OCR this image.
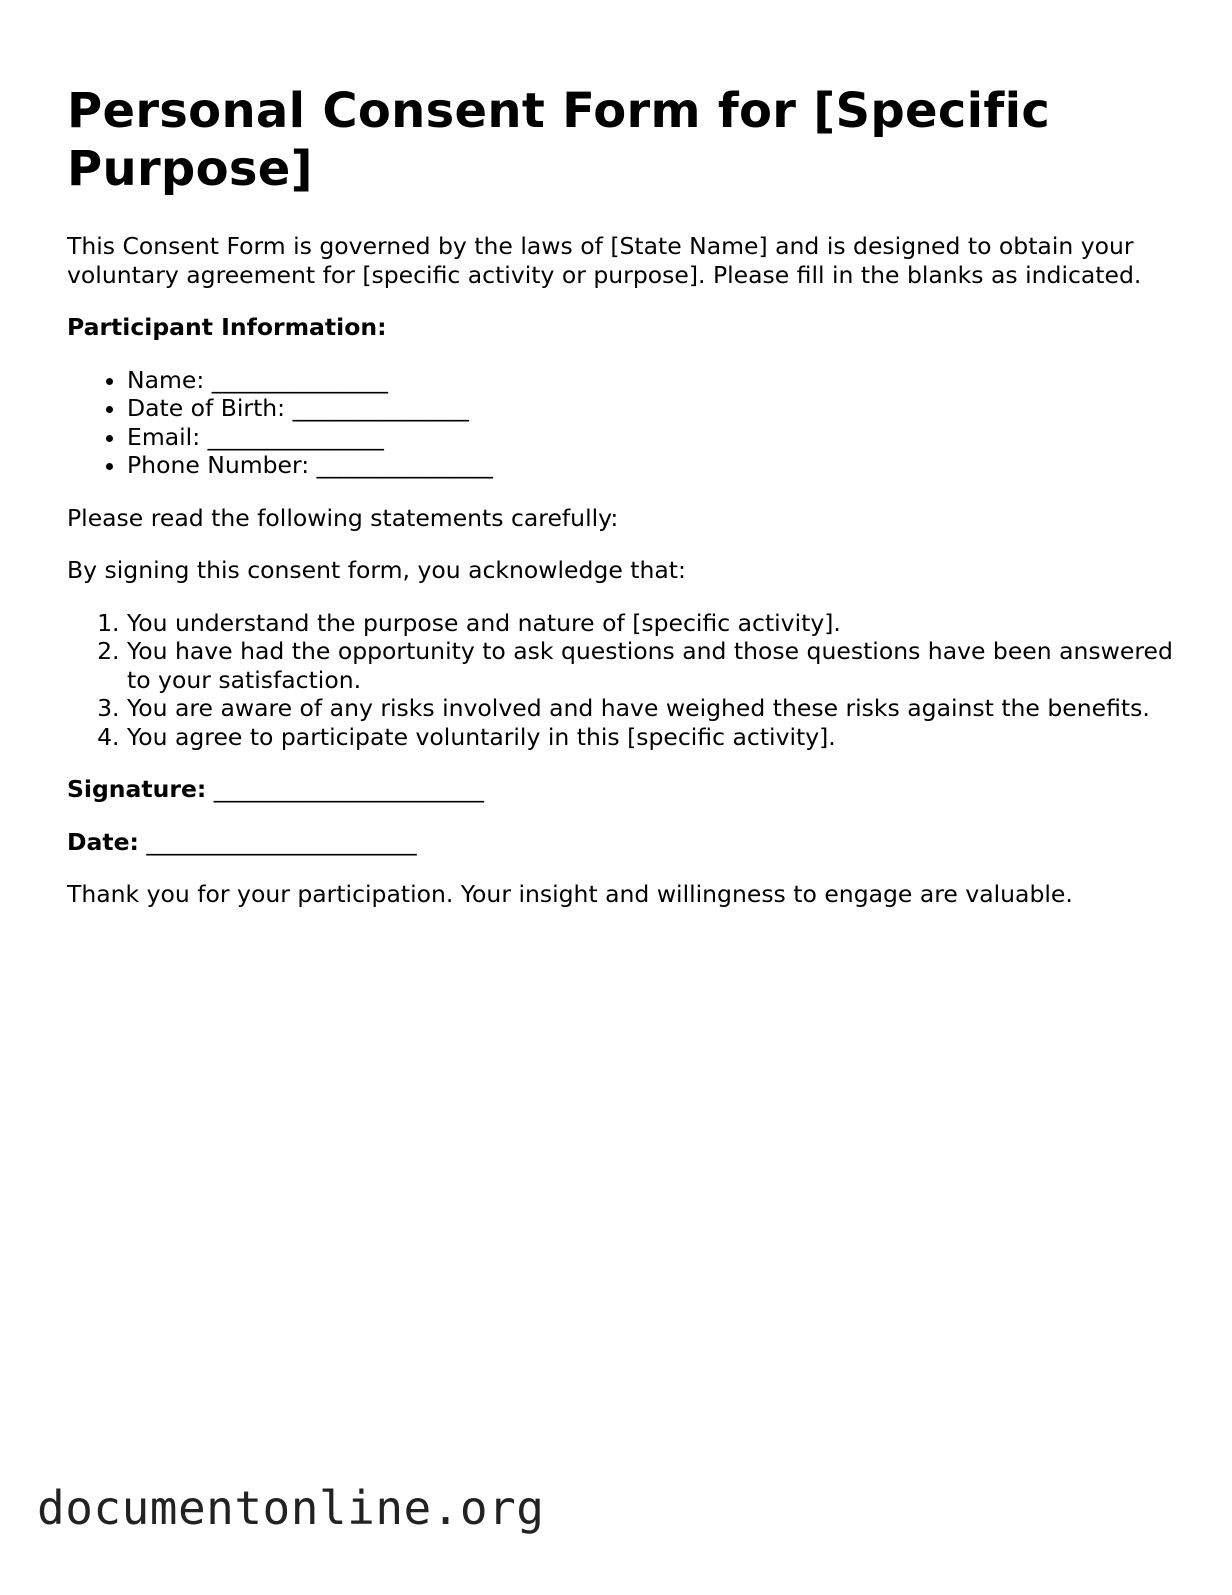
Personal Consent Form for [Specific Purpose]

This Consent Form is governed by the laws of [State Name] and is designed to obtain your voluntary agreement for [specific activity or purpose]. Please fill in the blanks as indicated.

Participant Information:

• Name: _______________
• Date of Birth: _______________
• Email: _______________
• Phone Number: _______________

Please read the following statements carefully:

By signing this consent form, you acknowledge that:

1. You understand the purpose and nature of [specific activity].
2. You have had the opportunity to ask questions and those questions have been answered to your satisfaction.
3. You are aware of any risks involved and have weighed these risks against the benefits.
4. You agree to participate voluntarily in this [specific activity].

Signature: _______________________

Date: _______________________

Thank you for your participation. Your insight and willingness to engage are valuable.

documentonline.org
